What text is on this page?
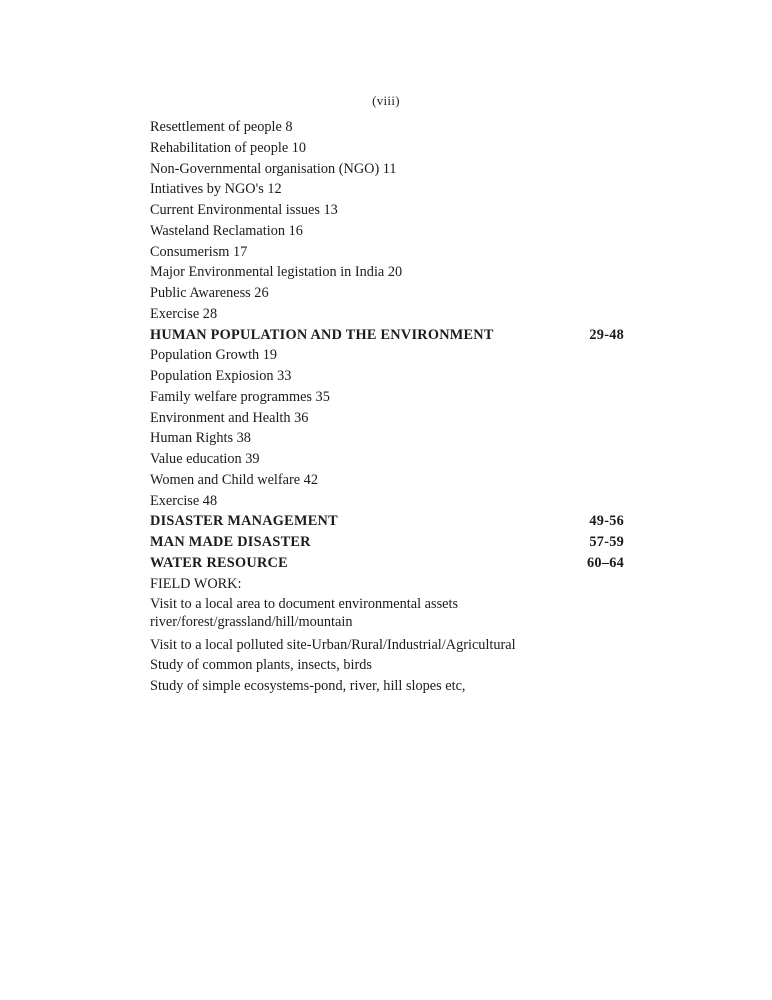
(viii)
Resettlement of people 8
Rehabilitation of people 10
Non-Governmental organisation (NGO) 11
Intiatives by NGO's 12
Current Environmental issues 13
Wasteland Reclamation 16
Consumerism 17
Major Environmental legistation in India 20
Public Awareness 26
Exercise 28
HUMAN POPULATION AND THE ENVIRONMENT	29-48
Population Growth 19
Population Expiosion 33
Family welfare programmes 35
Environment and Health 36
Human Rights 38
Value education 39
Women and Child welfare 42
Exercise 48
DISASTER MANAGEMENT	49-56
MAN MADE DISASTER	57-59
WATER RESOURCE	60–64
FIELD WORK:
Visit to a local area to document environmental assets
river/forest/grassland/hill/mountain
Visit to a local polluted site-Urban/Rural/Industrial/Agricultural
Study of common plants, insects, birds
Study of simple ecosystems-pond, river, hill slopes etc,
